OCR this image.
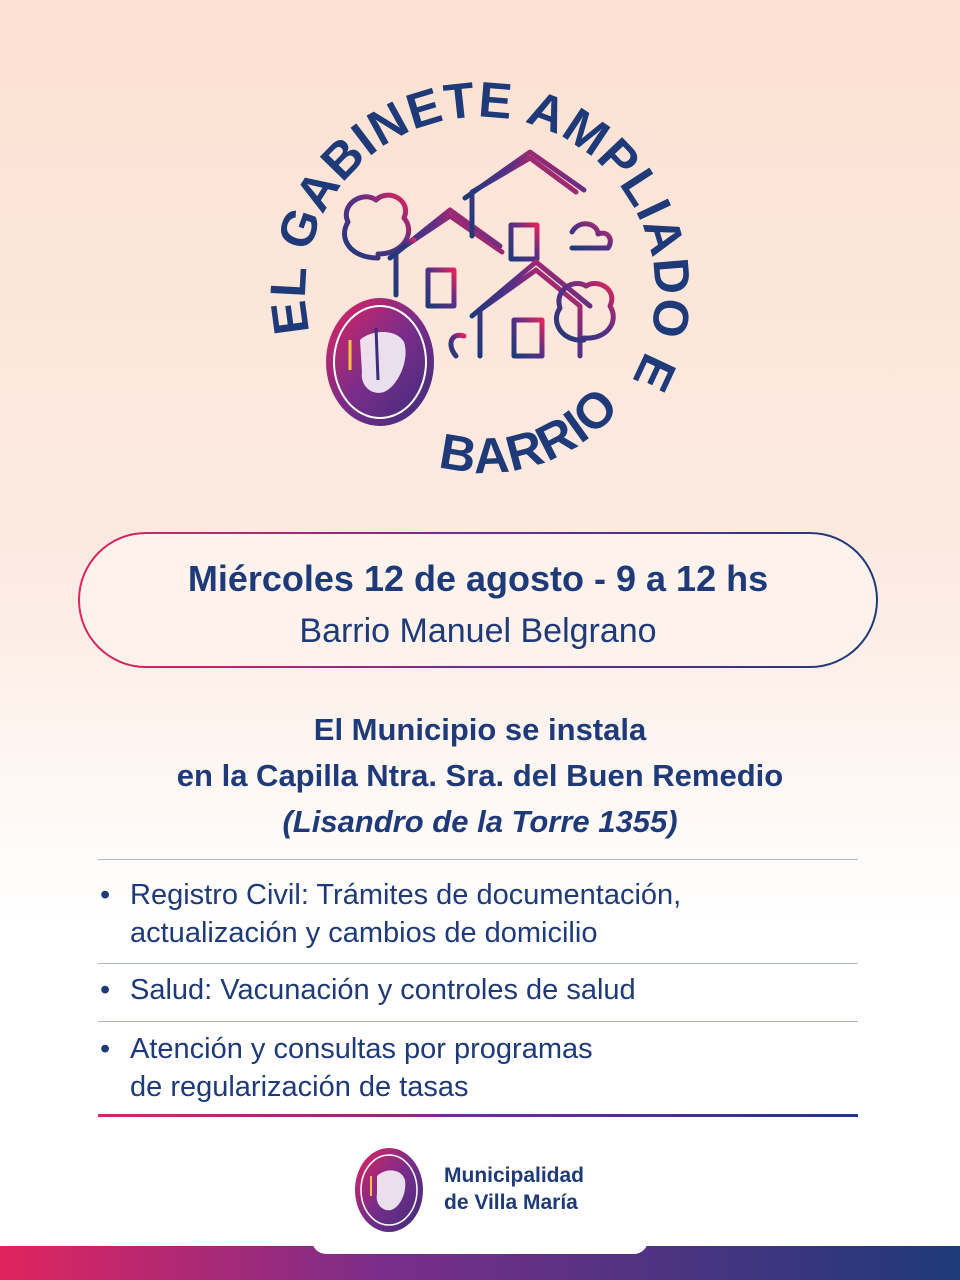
EL GABINETE AMPLIADO E
BARRIO
Miércoles 12 de agosto - 9 a 12 hs
Barrio Manuel Belgrano
El Municipio se instala
en la Capilla Ntra. Sra. del Buen Remedio
(Lisandro de la Torre 1355)
• Registro Civil: Trámites de documentación, actualización y cambios de domicilio
• Salud: Vacunación y controles de salud
• Atención y consultas por programas de regularización de tasas
Municipalidad
de Villa María
